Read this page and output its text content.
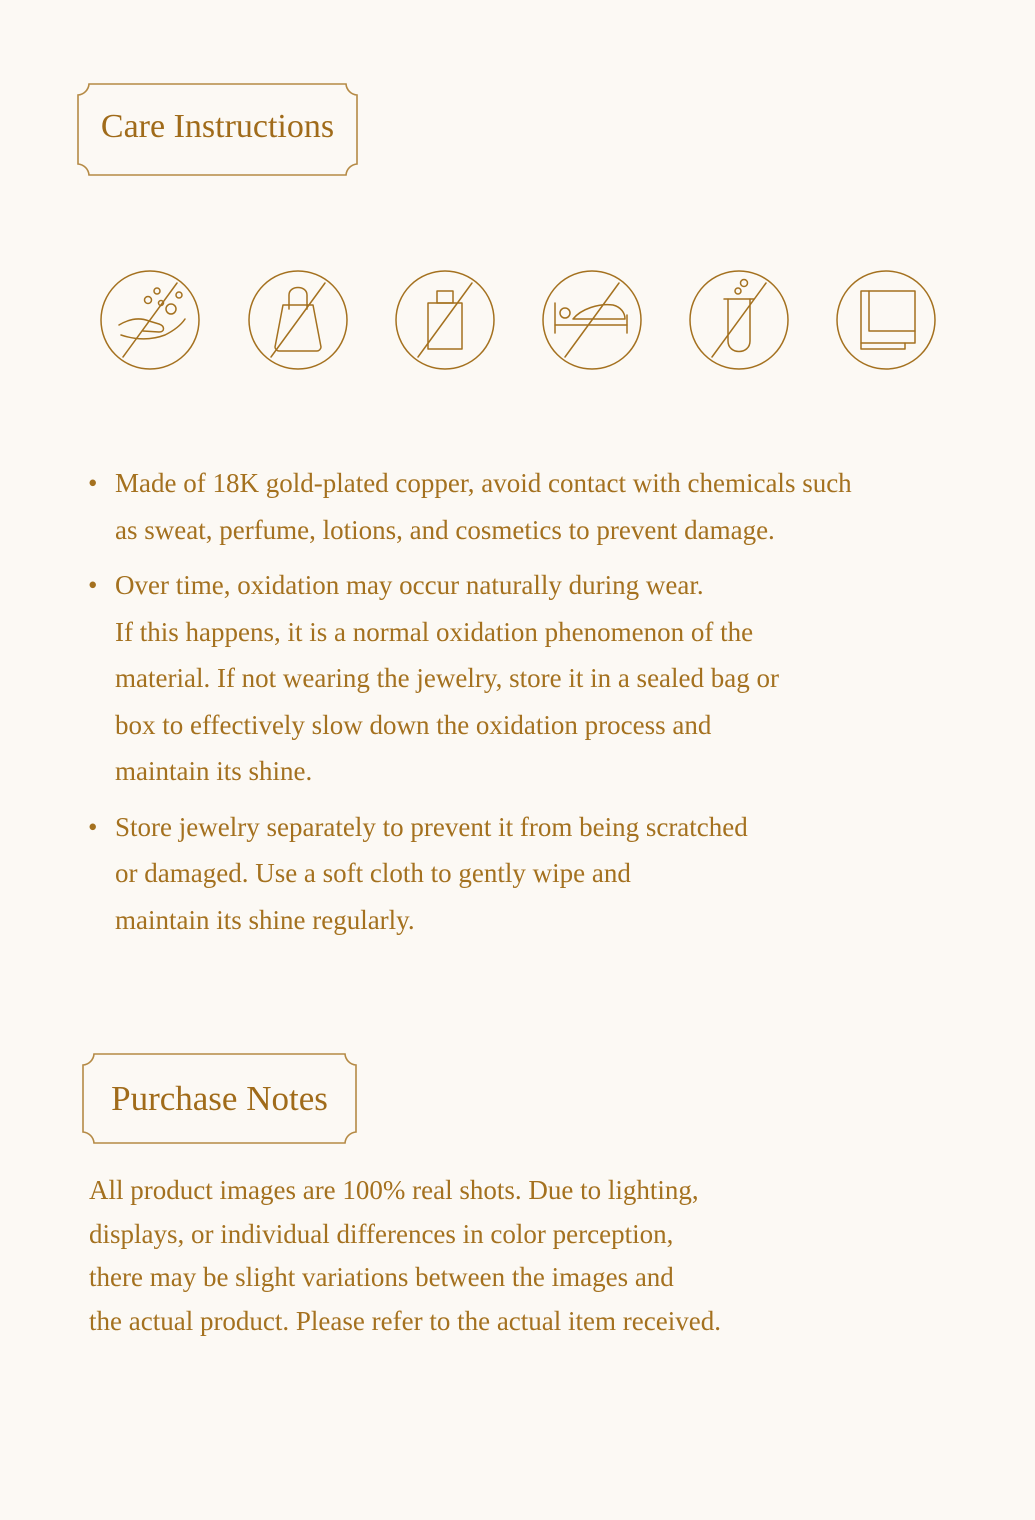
Care Instructions
• Made of 18K gold-plated copper, avoid contact with chemicals such
as sweat, perfume, lotions, and cosmetics to prevent damage.
• Over time, oxidation may occur naturally during wear.
If this happens, it is a normal oxidation phenomenon of the
material. If not wearing the jewelry, store it in a sealed bag or
box to effectively slow down the oxidation process and
maintain its shine.
• Store jewelry separately to prevent it from being scratched
or damaged. Use a soft cloth to gently wipe and
maintain its shine regularly.
Purchase Notes
All product images are 100% real shots. Due to lighting,
displays, or individual differences in color perception,
there may be slight variations between the images and
the actual product. Please refer to the actual item received.
